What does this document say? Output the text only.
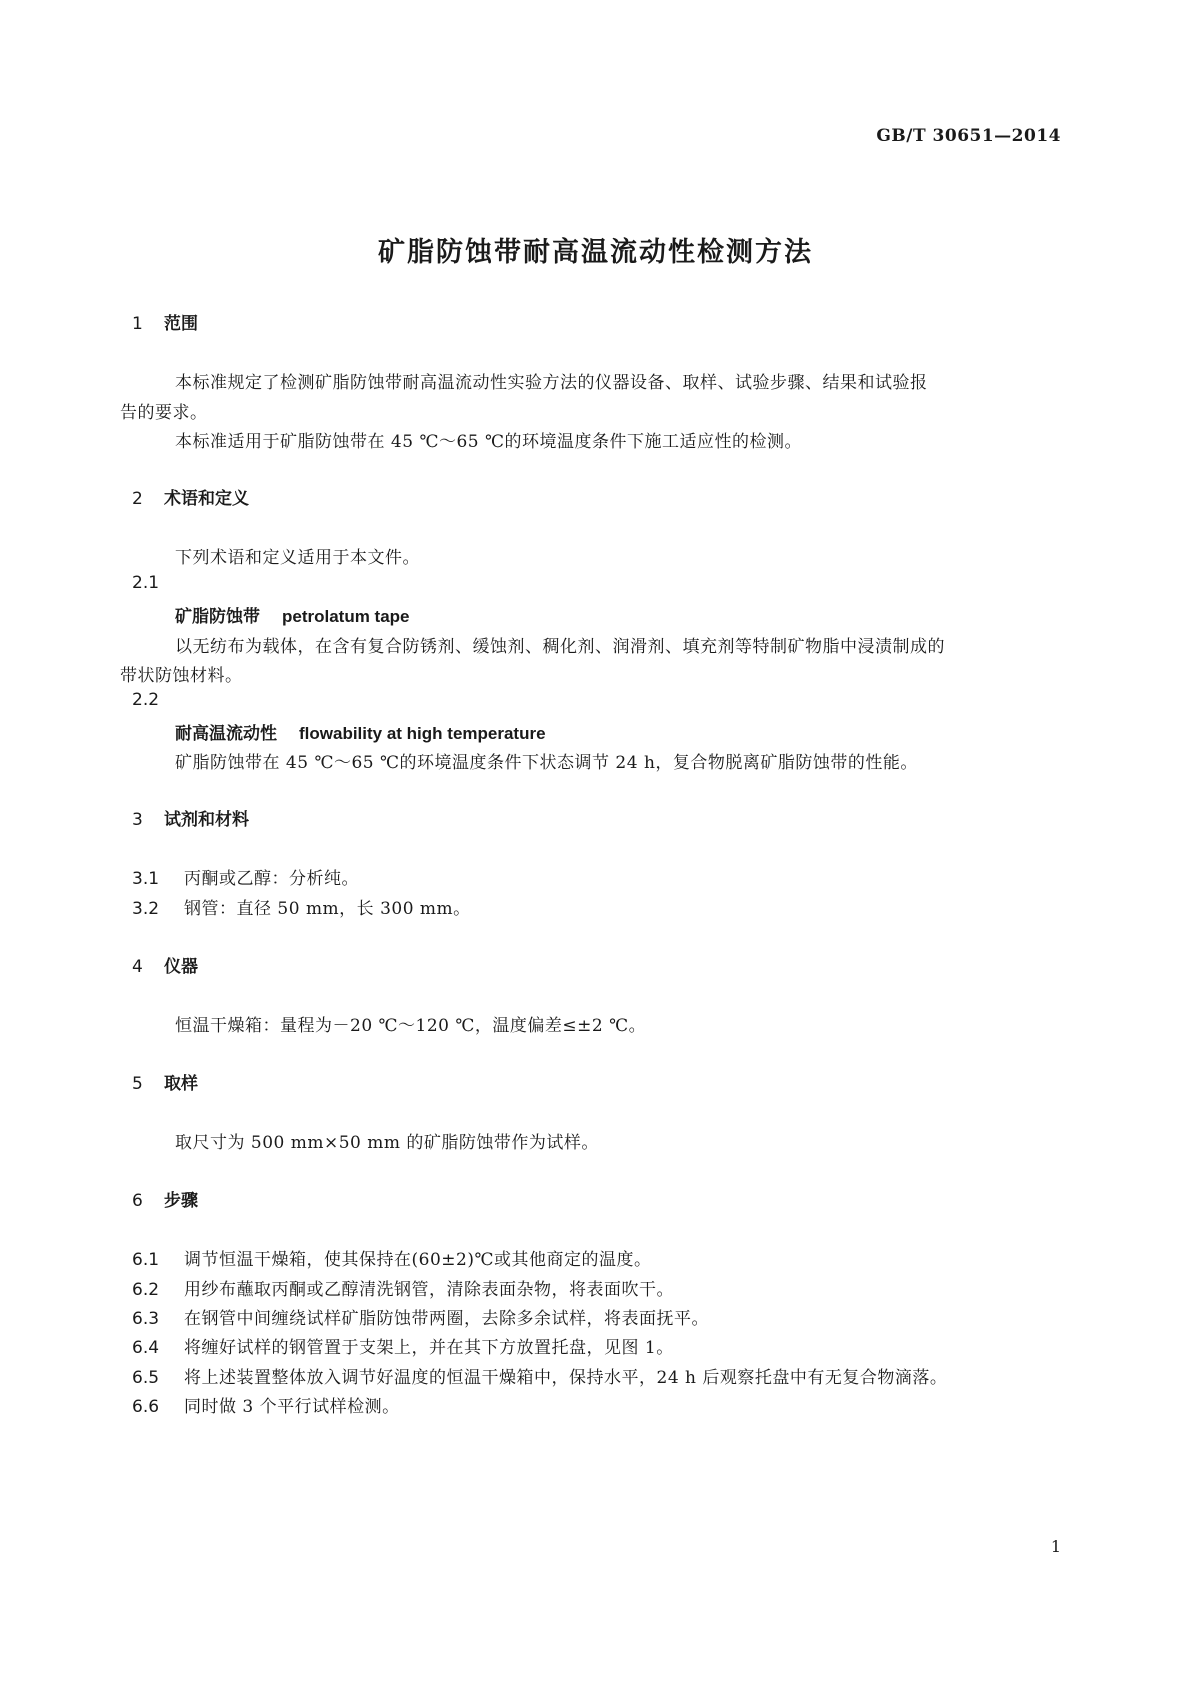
GB/T 30651—2014
矿脂防蚀带耐高温流动性检测方法
1 范围
本标准规定了检测矿脂防蚀带耐高温流动性实验方法的仪器设备、取样、试验步骤、结果和试验报
告的要求。
本标准适用于矿脂防蚀带在 45 ℃～65 ℃的环境温度条件下施工适应性的检测。
2 术语和定义
下列术语和定义适用于本文件。
2.1
矿脂防蚀带 petrolatum tape
以无纺布为载体，在含有复合防锈剂、缓蚀剂、稠化剂、润滑剂、填充剂等特制矿物脂中浸渍制成的
带状防蚀材料。
2.2
耐高温流动性 flowability at high temperature
矿脂防蚀带在 45 ℃～65 ℃的环境温度条件下状态调节 24 h，复合物脱离矿脂防蚀带的性能。
3 试剂和材料
3.1 丙酮或乙醇：分析纯。
3.2 钢管：直径 50 mm，长 300 mm。
4 仪器
恒温干燥箱：量程为－20 ℃～120 ℃，温度偏差≤±2 ℃。
5 取样
取尺寸为 500 mm×50 mm 的矿脂防蚀带作为试样。
6 步骤
6.1 调节恒温干燥箱，使其保持在(60±2)℃或其他商定的温度。
6.2 用纱布蘸取丙酮或乙醇清洗钢管，清除表面杂物，将表面吹干。
6.3 在钢管中间缠绕试样矿脂防蚀带两圈，去除多余试样，将表面抚平。
6.4 将缠好试样的钢管置于支架上，并在其下方放置托盘，见图 1。
6.5 将上述装置整体放入调节好温度的恒温干燥箱中，保持水平，24 h 后观察托盘中有无复合物滴落。
6.6 同时做 3 个平行试样检测。
1
